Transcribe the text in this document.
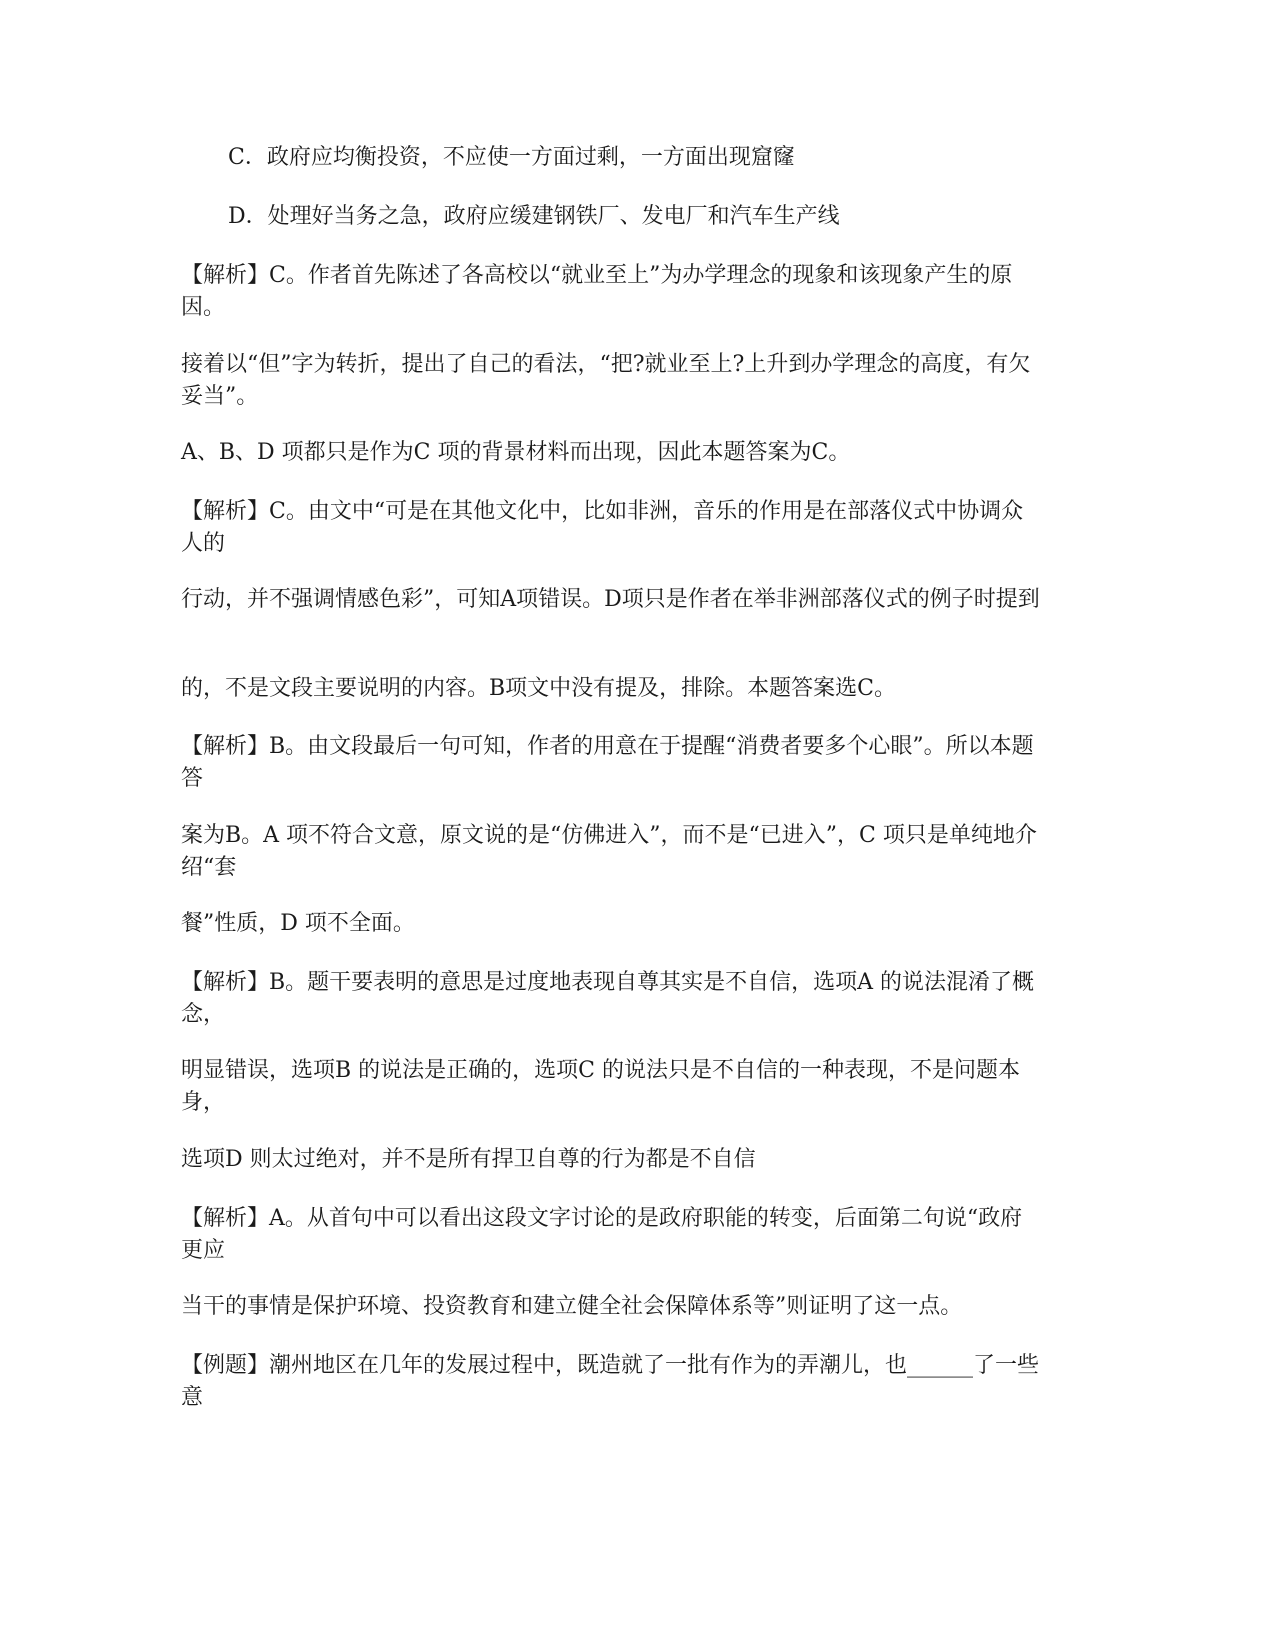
C．政府应均衡投资，不应使一方面过剩，一方面出现窟窿

D．处理好当务之急，政府应缓建钢铁厂、发电厂和汽车生产线

【解析】C。作者首先陈述了各高校以“就业至上”为办学理念的现象和该现象产生的原因。

接着以“但”字为转折，提出了自己的看法，“把?就业至上?上升到办学理念的高度，有欠妥当”。

A、B、D 项都只是作为C 项的背景材料而出现，因此本题答案为C。

【解析】C。由文中“可是在其他文化中，比如非洲，音乐的作用是在部落仪式中协调众人的

行动，并不强调情感色彩”，可知A项错误。D项只是作者在举非洲部落仪式的例子时提到

的，不是文段主要说明的内容。B项文中没有提及，排除。本题答案选C。

【解析】B。由文段最后一句可知，作者的用意在于提醒“消费者要多个心眼”。所以本题答

案为B。A 项不符合文意，原文说的是“仿佛进入”，而不是“已进入”，C 项只是单纯地介绍“套

餐”性质，D 项不全面。

【解析】B。题干要表明的意思是过度地表现自尊其实是不自信，选项A 的说法混淆了概念，

明显错误，选项B 的说法是正确的，选项C 的说法只是不自信的一种表现，不是问题本身，

选项D 则太过绝对，并不是所有捍卫自尊的行为都是不自信

【解析】A。从首句中可以看出这段文字讨论的是政府职能的转变，后面第二句说“政府更应

当干的事情是保护环境、投资教育和建立健全社会保障体系等”则证明了这一点。

【例题】潮州地区在几年的发展过程中，既造就了一批有作为的弄潮儿，也______了一些意
